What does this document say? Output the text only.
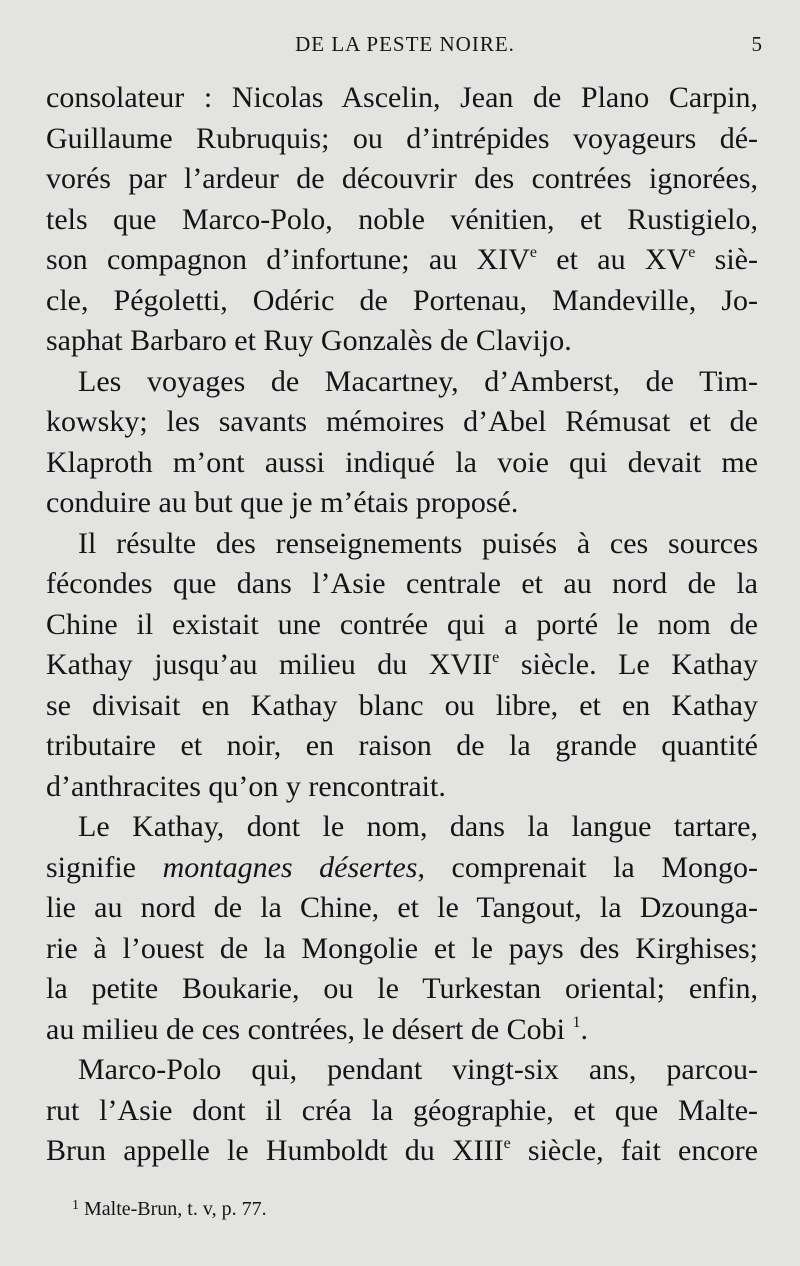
DE LA PESTE NOIRE.	5
consolateur : Nicolas Ascelin, Jean de Plano Carpin,
Guillaume Rubruquis; ou d’intrépides voyageurs dé-
vorés par l’ardeur de découvrir des contrées ignorées,
tels que Marco-Polo, noble vénitien, et Rustigielo,
son compagnon d’infortune; au XIVe et au XVe siè-
cle, Pégoletti, Odéric de Portenau, Mandeville, Jo-
saphat Barbaro et Ruy Gonzalès de Clavijo.
Les voyages de Macartney, d’Amberst, de Tim-
kowsky; les savants mémoires d’Abel Rémusat et de
Klaproth m’ont aussi indiqué la voie qui devait me
conduire au but que je m’étais proposé.
Il résulte des renseignements puisés à ces sources
fécondes que dans l’Asie centrale et au nord de la
Chine il existait une contrée qui a porté le nom de
Kathay jusqu’au milieu du XVIIe siècle. Le Kathay
se divisait en Kathay blanc ou libre, et en Kathay
tributaire et noir, en raison de la grande quantité
d’anthracites qu’on y rencontrait.
Le Kathay, dont le nom, dans la langue tartare,
signifie montagnes désertes, comprenait la Mongo-
lie au nord de la Chine, et le Tangout, la Dzounga-
rie à l’ouest de la Mongolie et le pays des Kirghises;
la petite Boukarie, ou le Turkestan oriental; enfin,
au milieu de ces contrées, le désert de Cobi $^1$.
Marco-Polo qui, pendant vingt-six ans, parcou-
rut l’Asie dont il créa la géographie, et que Malte-
Brun appelle le Humboldt du XIIIe siècle, fait encore
$^1$ Malte-Brun, t. v, p. 77.
